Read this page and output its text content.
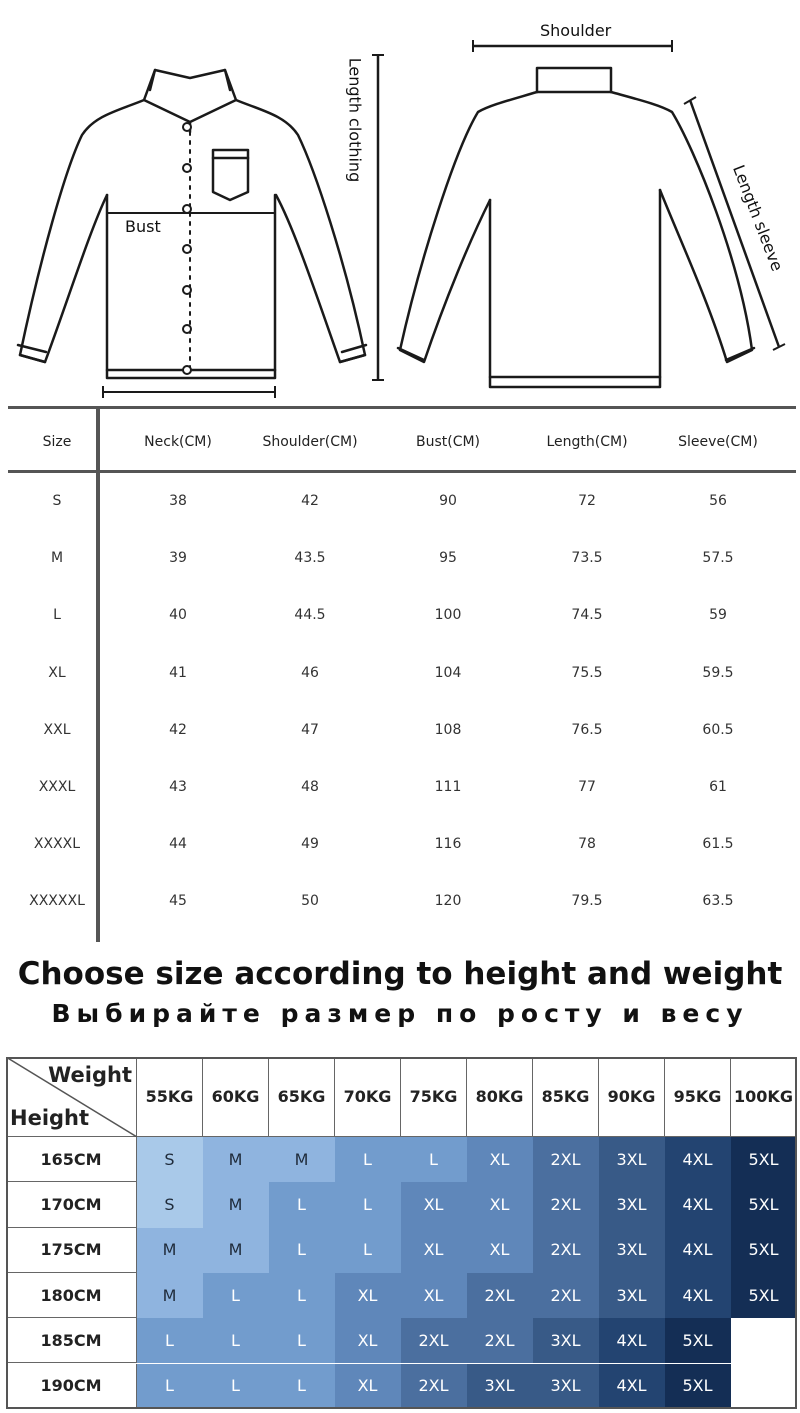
Shoulder
Bust
Length clothing
Length sleeve
Size	Neck(CM)	Shoulder(CM)	Bust(CM)	Length(CM)	Sleeve(CM)
S	38	42	90	72	56
M	39	43.5	95	73.5	57.5
L	40	44.5	100	74.5	59
XL	41	46	104	75.5	59.5
XXL	42	47	108	76.5	60.5
XXXL	43	48	111	77	61
XXXXL	44	49	116	78	61.5
XXXXXL	45	50	120	79.5	63.5
Choose size according to height and weight
Выбирайте размер по росту и весу
Weight
Height
55KG	60KG	65KG	70KG	75KG	80KG	85KG	90KG	95KG 100KG
165CM	S	M	M	L	L	XL	2XL	3XL	4XL	5XL
170CM	S	M	L	L	XL	XL	2XL	3XL	4XL	5XL
175CM	M	M	L	L	XL	XL	2XL	3XL	4XL	5XL
180CM	M	L	L	XL	XL	2XL	2XL	3XL	4XL	5XL
185CM	L	L	L	XL	2XL	2XL	3XL	4XL	5XL
190CM	L	L	L	XL	2XL	3XL	3XL	4XL	5XL
